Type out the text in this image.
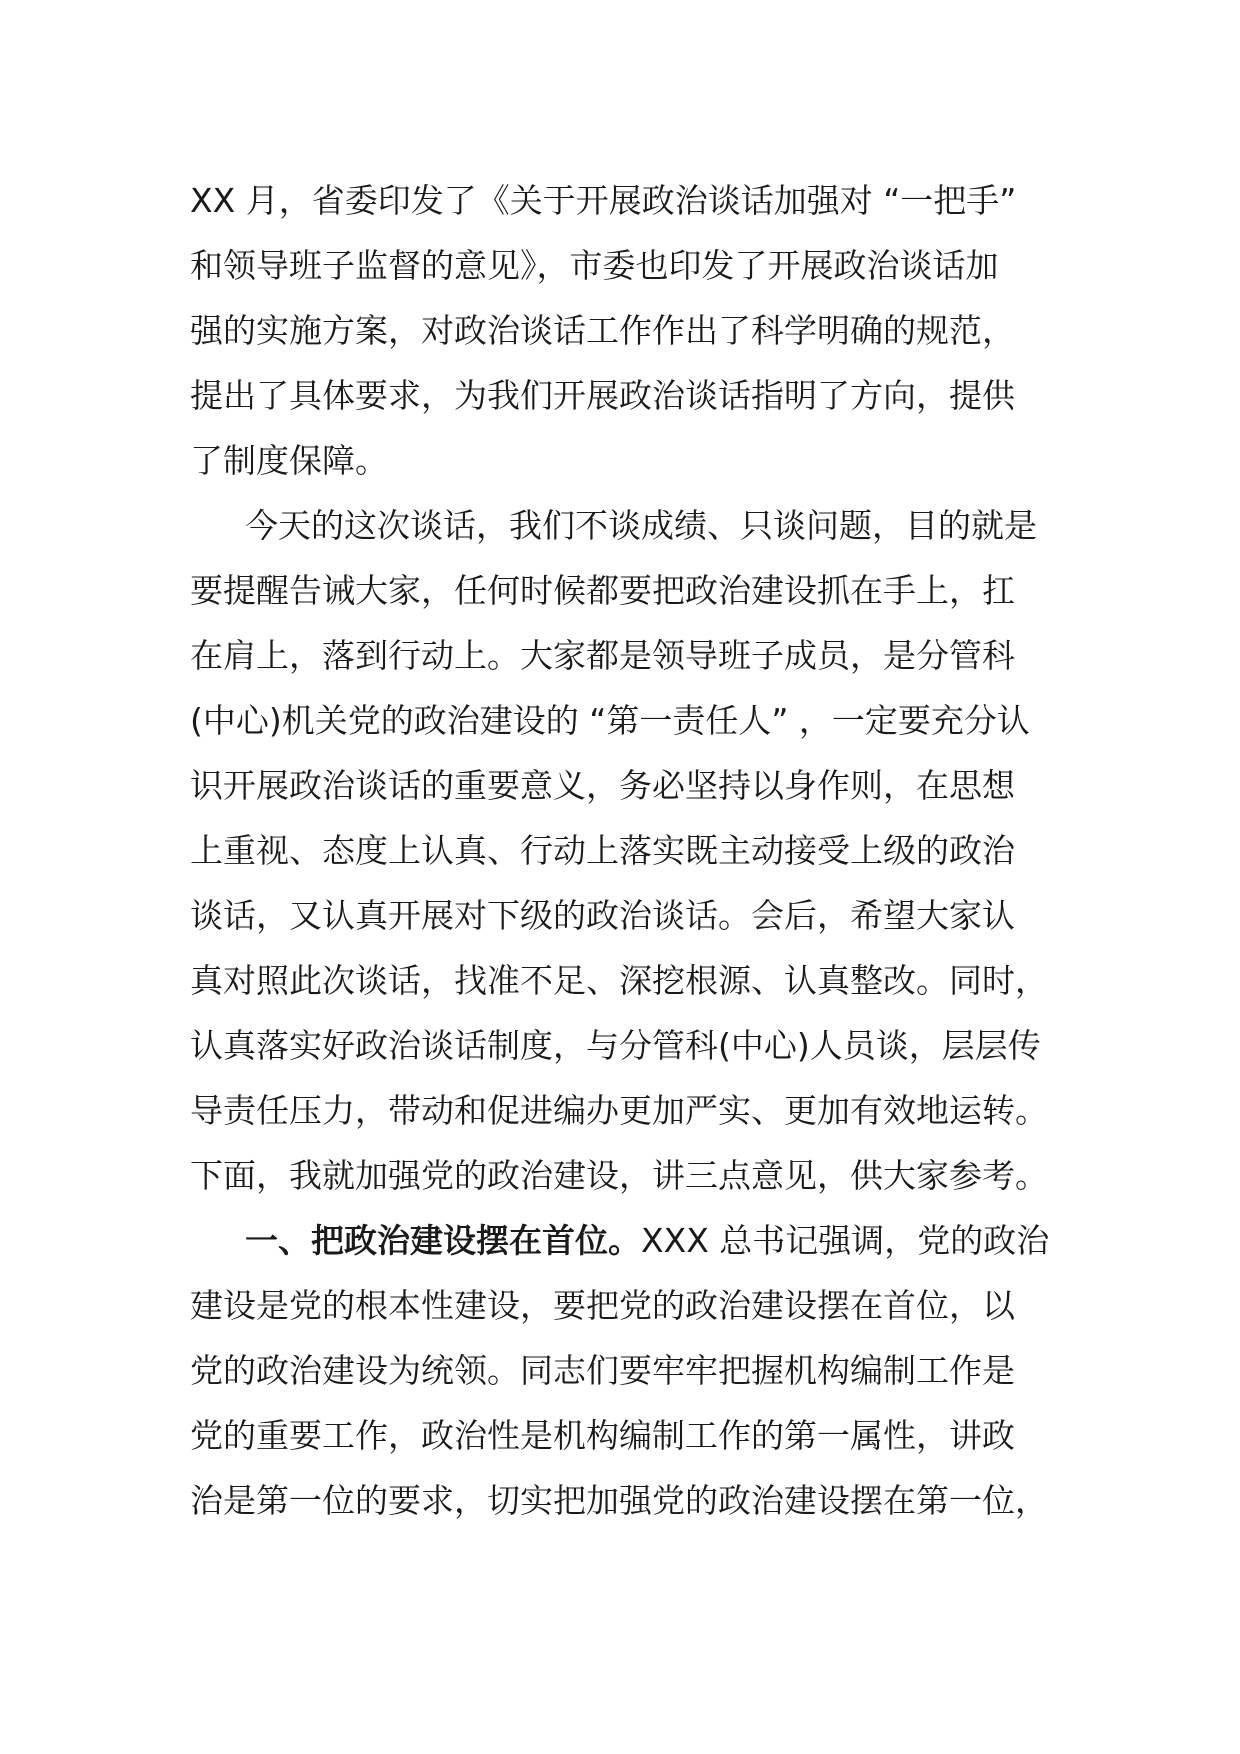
XX 月，省委印发了《关于开展政治谈话加强对 “一把手”
和领导班子监督的意见》，市委也印发了开展政治谈话加
强的实施方案，对政治谈话工作作出了科学明确的规范，
提出了具体要求，为我们开展政治谈话指明了方向，提供
了制度保障。
今天的这次谈话，我们不谈成绩、只谈问题，目的就是
要提醒告诫大家，任何时候都要把政治建设抓在手上，扛
在肩上，落到行动上。大家都是领导班子成员，是分管科
(中心)机关党的政治建设的 “第一责任人” ，一定要充分认
识开展政治谈话的重要意义，务必坚持以身作则，在思想
上重视、态度上认真、行动上落实既主动接受上级的政治
谈话，又认真开展对下级的政治谈话。会后，希望大家认
真对照此次谈话，找准不足、深挖根源、认真整改。同时，
认真落实好政治谈话制度，与分管科(中心)人员谈，层层传
导责任压力，带动和促进编办更加严实、更加有效地运转。
下面，我就加强党的政治建设，讲三点意见，供大家参考。
一、把政治建设摆在首位。XXX 总书记强调，党的政治
建设是党的根本性建设，要把党的政治建设摆在首位，以
党的政治建设为统领。同志们要牢牢把握机构编制工作是
党的重要工作，政治性是机构编制工作的第一属性，讲政
治是第一位的要求，切实把加强党的政治建设摆在第一位，
